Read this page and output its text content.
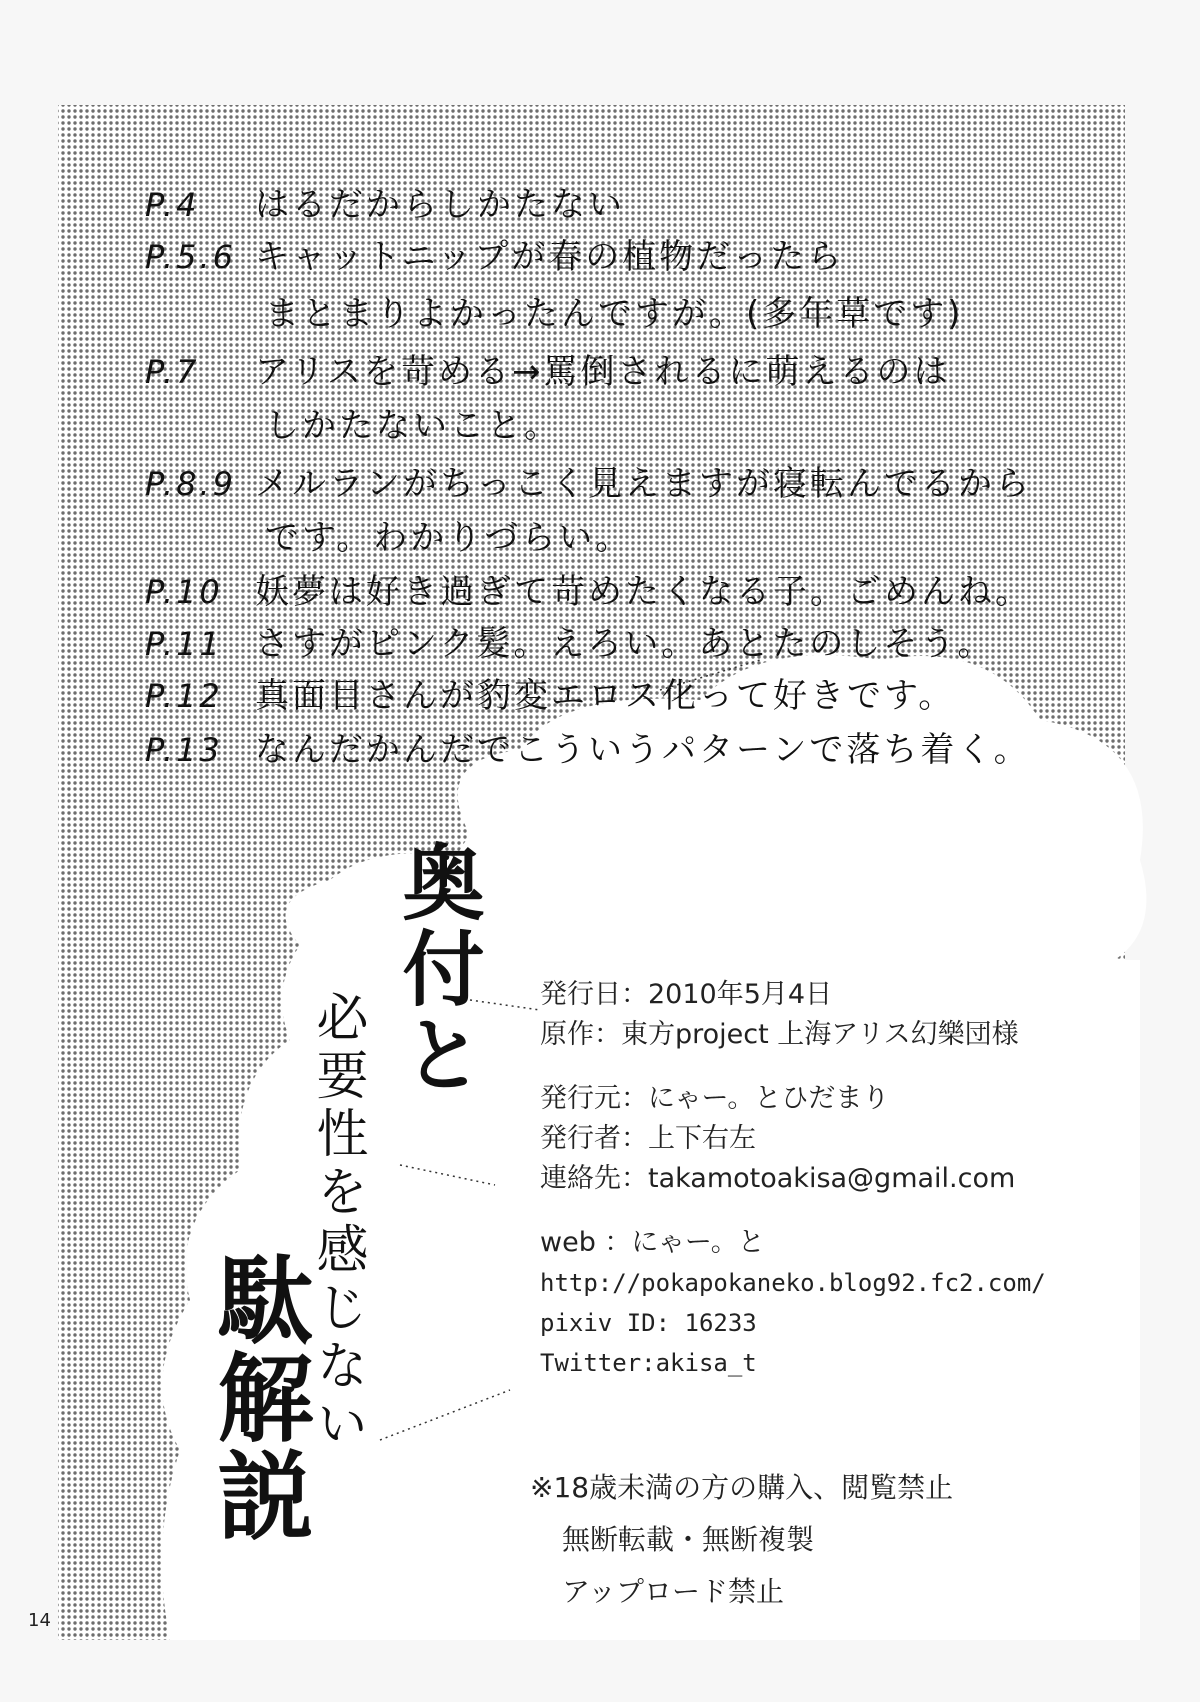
P.4 はるだからしかたない
P.5.6 キャットニップが春の植物だったら
まとまりよかったんですが。(多年草です)
P.7 アリスを苛める→罵倒されるに萌えるのは
しかたないこと。
P.8.9 メルランがちっこく見えますが寝転んでるから
です。わかりづらい。
P.10 妖夢は好き過ぎて苛めたくなる子。ごめんね。
P.11 さすがピンク髪。えろい。あとたのしそう。
P.12 真面目さんが豹変エロス化って好きです。
P.13 なんだかんだでこういうパターンで落ち着く。
奥付と
必要性を感じない
駄解説
発行日：2010年5月4日
原作：東方project 上海アリス幻樂団様
発行元：にゃー。とひだまり
発行者：上下右左
連絡先：takamotoakisa@gmail.com
web ：にゃー。と
http://pokapokaneko.blog92.fc2.com/
pixiv ID: 16233
Twitter:akisa_t
※18歳未満の方の購入、閲覧禁止
無断転載・無断複製
アップロード禁止
14
